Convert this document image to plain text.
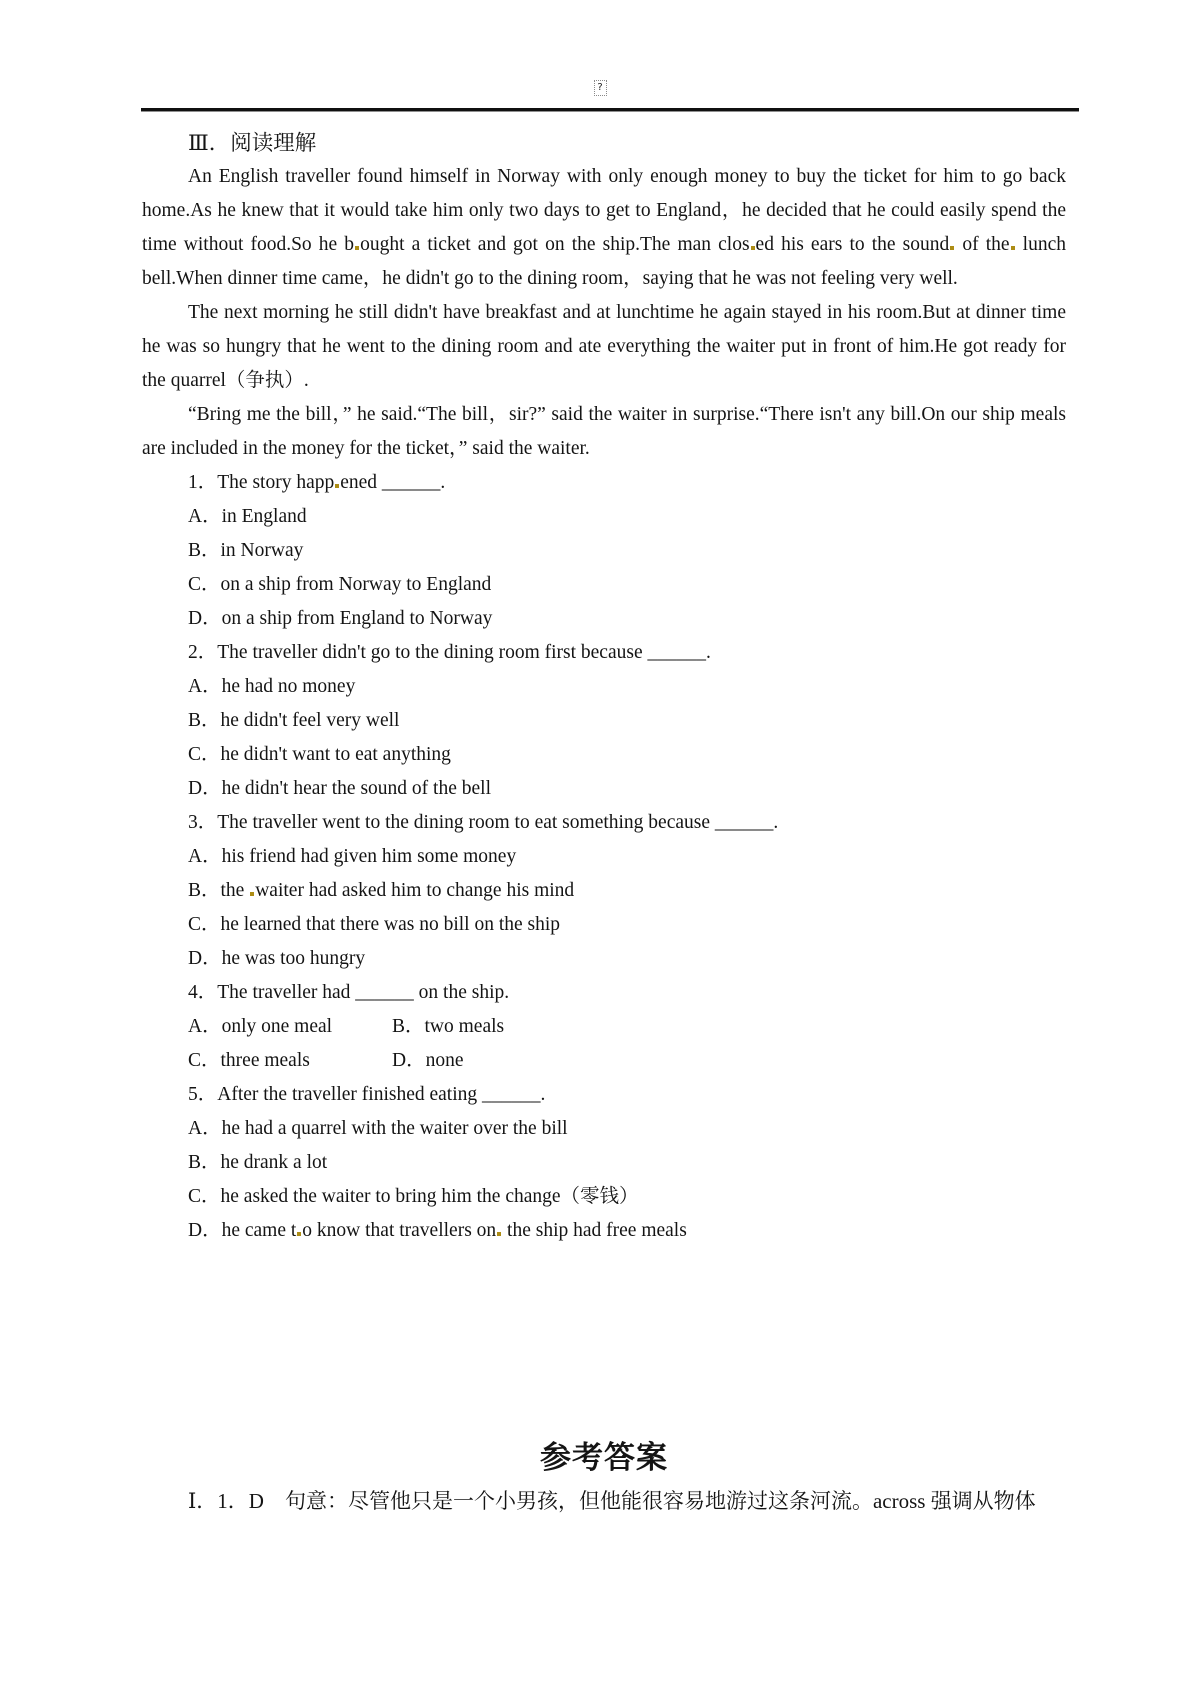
?
Ⅲ．阅读理解

An English traveller found himself in Norway with only enough money to buy the ticket for him to go back home.As he knew that it would take him only two days to get to England，he decided that he could easily spend the time without food.So he b ought a ticket and got on the ship.The man clos ed his ears to the sound of the lunch bell.When dinner time came，he didn't go to the dining room，saying that he was not feeling very well.

The next morning he still didn't have breakfast and at lunchtime he again stayed in his room.But at dinner time he was so hungry that he went to the dining room and ate everything the waiter put in front of him.He got ready for the quarrel（争执）.

“Bring me the bill，” he said.“The bill，sir?” said the waiter in surprise.“There isn't any bill.On our ship meals are included in the money for the ticket，” said the waiter.

1．The story happ ened ______.
A．in England
B．in Norway
C．on a ship from Norway to England
D．on a ship from England to Norway
2．The traveller didn't go to the dining room first because ______.
A．he had no money
B．he didn't feel very well
C．he didn't want to eat anything
D．he didn't hear the sound of the bell
3．The traveller went to the dining room to eat something because ______.
A．his friend had given him some money
B．the waiter had asked him to change his mind
C．he learned that there was no bill on the ship
D．he was too hungry
4．The traveller had ______ on the ship.
A．only one meal	B．two meals
C．three meals	D．none
5．After the traveller finished eating ______.
A．he had a quarrel with the waiter over the bill
B．he drank a lot
C．he asked the waiter to bring him the change（零钱）
D．he came t o know that travellers on the ship had free meals
参考答案

Ⅰ．1．D　句意：尽管他只是一个小男孩，但他能很容易地游过这条河流。across 强调从物体
